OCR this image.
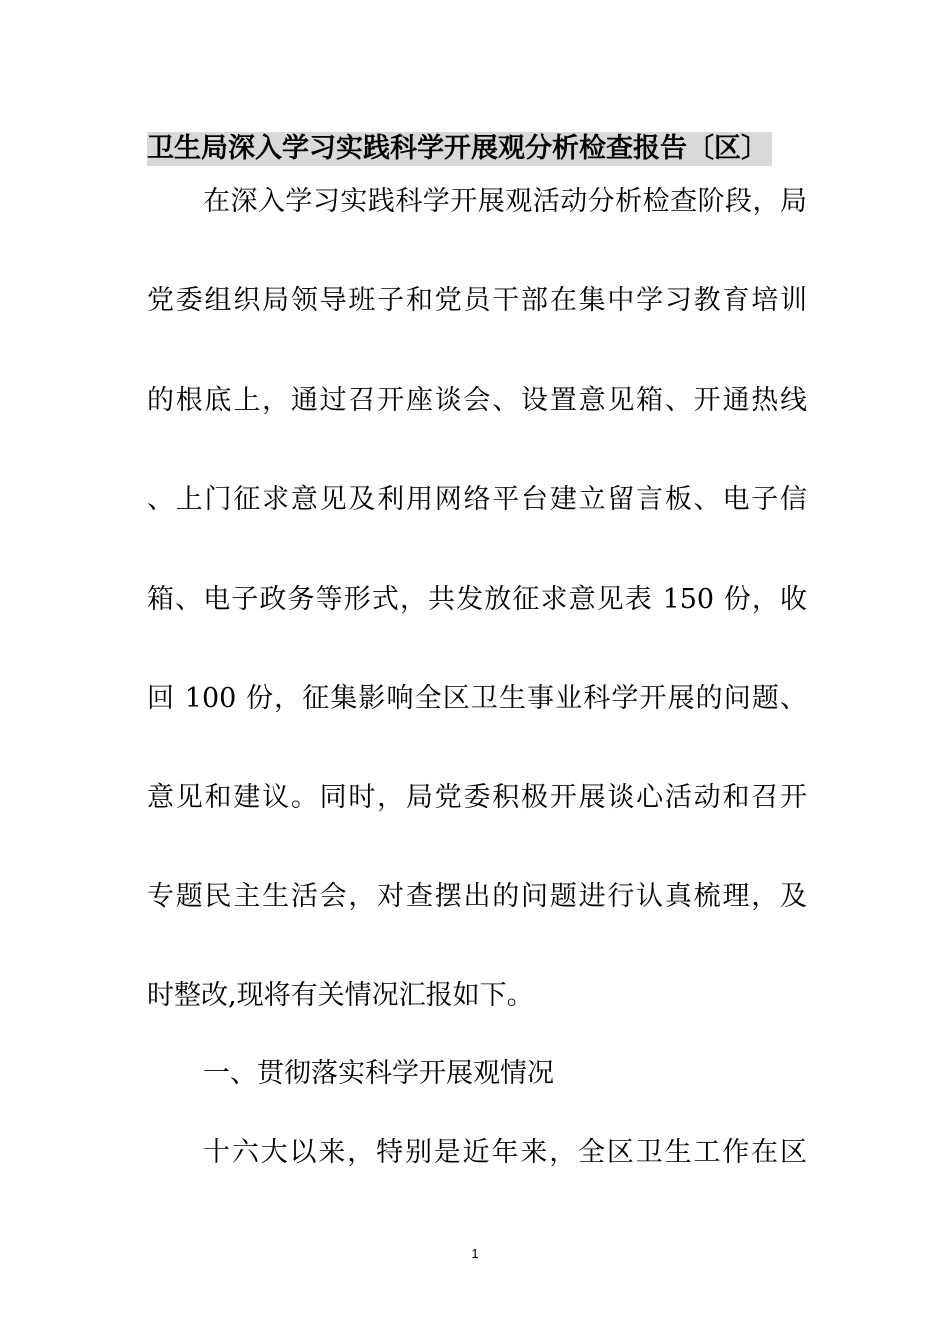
卫生局深入学习实践科学开展观分析检查报告〔区〕
在深入学习实践科学开展观活动分析检查阶段，局
党委组织局领导班子和党员干部在集中学习教育培训
的根底上，通过召开座谈会、设置意见箱、开通热线
、上门征求意见及利用网络平台建立留言板、电子信
箱、电子政务等形式，共发放征求意见表 150 份，收
回 100 份，征集影响全区卫生事业科学开展的问题、
意见和建议。同时，局党委积极开展谈心活动和召开
专题民主生活会，对查摆出的问题进行认真梳理，及
时整改,现将有关情况汇报如下。
一、贯彻落实科学开展观情况
十六大以来，特别是近年来，全区卫生工作在区
1
